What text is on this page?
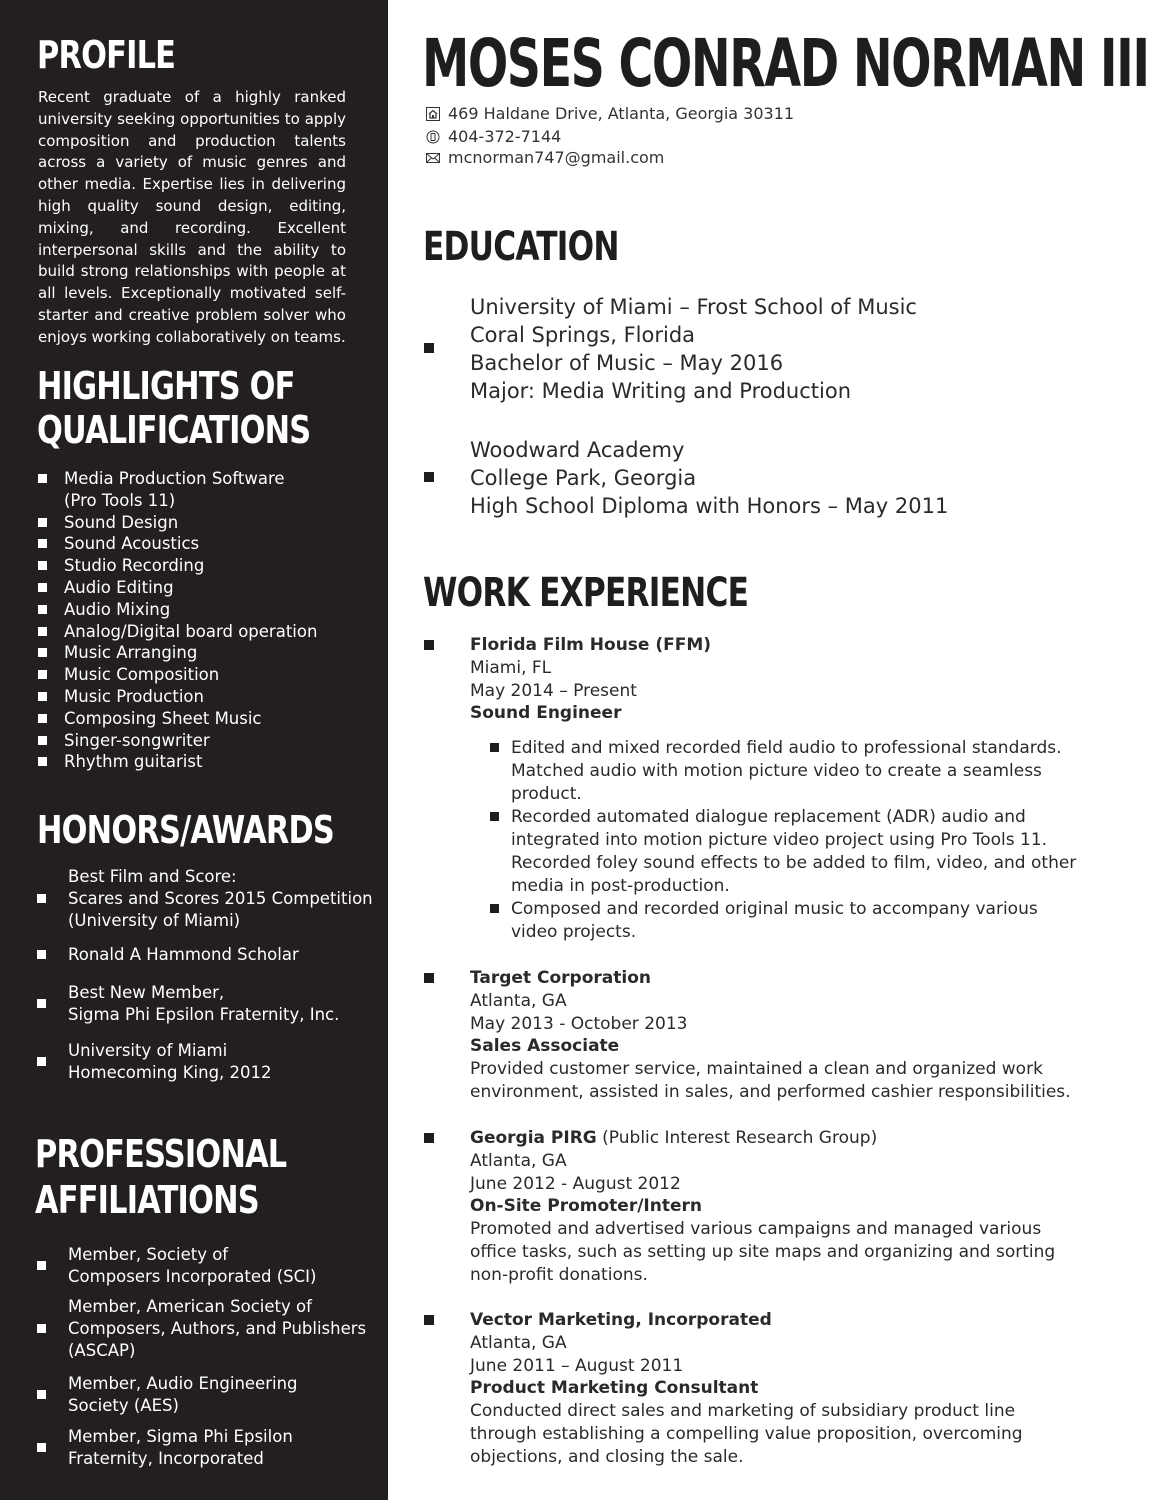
PROFILE

Recent graduate of a highly ranked university seeking opportunities to apply composition and production talents across a variety of music genres and other media. Expertise lies in delivering high quality sound design, editing, mixing, and recording. Excellent interpersonal skills and the ability to build strong relationships with people at all levels. Exceptionally motivated self-starter and creative problem solver who enjoys working collaboratively on teams.

HIGHLIGHTS OF
QUALIFICATIONS
HONORS/AWARDS
PROFESSIONAL
AFFILIATIONS
Media Production Software
(Pro Tools 11)
Sound Design
Sound Acoustics
Studio Recording
Audio Editing
Audio Mixing
Analog/Digital board operation
Music Arranging
Music Composition
Music Production
Composing Sheet Music
Singer-songwriter
Rhythm guitarist
Best Film and Score:
Scares and Scores 2015 Competition
(University of Miami)
Ronald A Hammond Scholar
Best New Member,
Sigma Phi Epsilon Fraternity, Inc.
University of Miami
Homecoming King, 2012
Member, Society of
Composers Incorporated (SCI)
Member, American Society of
Composers, Authors, and Publishers
(ASCAP)
Member, Audio Engineering
Society (AES)
Member, Sigma Phi Epsilon
Fraternity, Incorporated
MOSES CONRAD NORMAN III
469 Haldane Drive, Atlanta, Georgia 30311
404-372-7144
mcnorman747@gmail.com
EDUCATION
WORK EXPERIENCE
University of Miami – Frost School of Music
Coral Springs, Florida
Bachelor of Music – May 2016
Major: Media Writing and Production
Woodward Academy
College Park, Georgia
High School Diploma with Honors – May 2011
Florida Film House (FFM)
Miami, FL
May 2014 – Present
Sound Engineer
Edited and mixed recorded field audio to professional standards.
Matched audio with motion picture video to create a seamless
product.
Recorded automated dialogue replacement (ADR) audio and
integrated into motion picture video project using Pro Tools 11.
Recorded foley sound effects to be added to film, video, and other
media in post-production.
Composed and recorded original music to accompany various
video projects.
Target Corporation
Atlanta, GA
May 2013 - October 2013
Sales Associate
Provided customer service, maintained a clean and organized work
environment, assisted in sales, and performed cashier responsibilities.
Georgia PIRG (Public Interest Research Group)
Atlanta, GA
June 2012 - August 2012
On-Site Promoter/Intern
Promoted and advertised various campaigns and managed various
office tasks, such as setting up site maps and organizing and sorting
non-profit donations.
Vector Marketing, Incorporated
Atlanta, GA
June 2011 – August 2011
Product Marketing Consultant
Conducted direct sales and marketing of subsidiary product line
through establishing a compelling value proposition, overcoming
objections, and closing the sale.
